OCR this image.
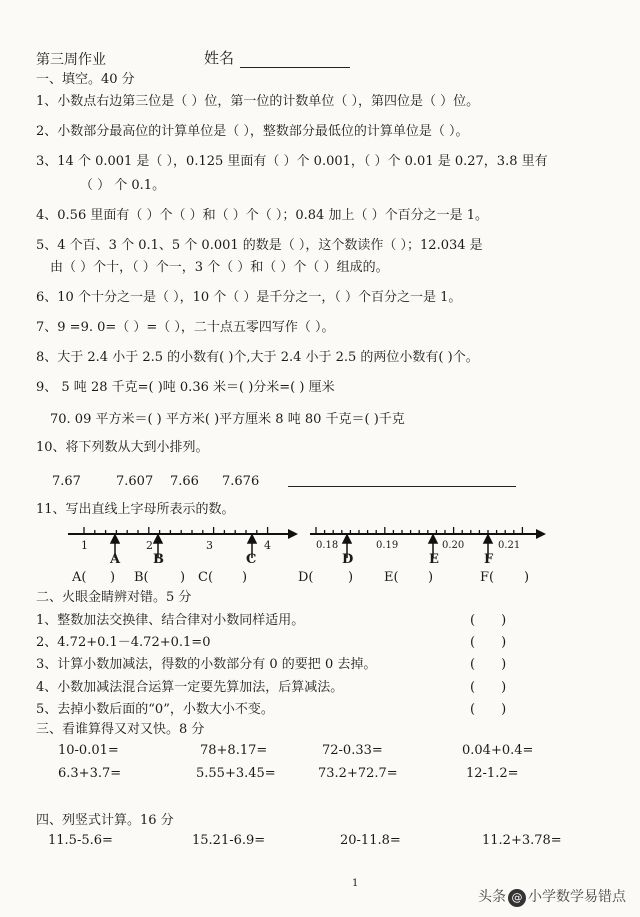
第三周作业	姓名
一、填空。40 分
1、小数点右边第三位是（ ）位，第一位的计数单位（ ），第四位是（ ）位。
2、小数部分最高位的计算单位是（ ），整数部分最低位的计算单位是（ ）。
3、14 个 0.001 是（ ），0.125 里面有（ ）个 0.001，（ ）个 0.01 是 0.27，3.8 里有
（ ） 个 0.1。
4、0.56 里面有（ ）个（ ）和（ ）个（ ）；0.84 加上（ ）个百分之一是 1。
5、4 个百、3 个 0.1、5 个 0.001 的数是（ ），这个数读作（ ）；12.034 是
由（ ）个十，（ ）个一，3 个（ ）和（ ）个（ ）组成的。
6、10 个十分之一是（ ），10 个（ ）是千分之一，（ ）个百分之一是 1。
7、9 =9. 0=（ ）=（ ），二十点五零四写作（ ）。
8、大于 2.4 小于 2.5 的小数有( )个,大于 2.4 小于 2.5 的两位小数有( )个。
9、 5 吨 28 千克=( )吨 0.36 米＝( )分米=( ) 厘米
70. 09 平方米＝( ) 平方米( )平方厘米 8 吨 80 千克＝( )千克
10、将下列数从大到小排列。
7.67	7.607 7.66 7.676
11、写出直线上字母所表示的数。
1	2	3	4
A	B	C
0.18	0.19	0.20	0.21
D	E	F
A( ) B( ) C( )	D(	) E( )	F( )
二、火眼金睛辨对错。5 分
1、整数加法交换律、结合律对小数同样适用。	(　　)
2、4.72+0.1－4.72+0.1=0	(　　)
3、计算小数加减法，得数的小数部分有 0 的要把 0 去掉。	(　　)
4、小数加减法混合运算一定要先算加法，后算减法。	(　　)
5、去掉小数后面的“0”，小数大小不变。	(　　)
三、看谁算得又对又快。8 分
10-0.01=	78+8.17=	72-0.33=	0.04+0.4=
6.3+3.7=	5.55+3.45=	73.2+72.7=	12-1.2=
四、列竖式计算。16 分
11.5-5.6=	15.21-6.9=	20-11.8=	11.2+3.78=
1
头条 @ 小学数学易错点
